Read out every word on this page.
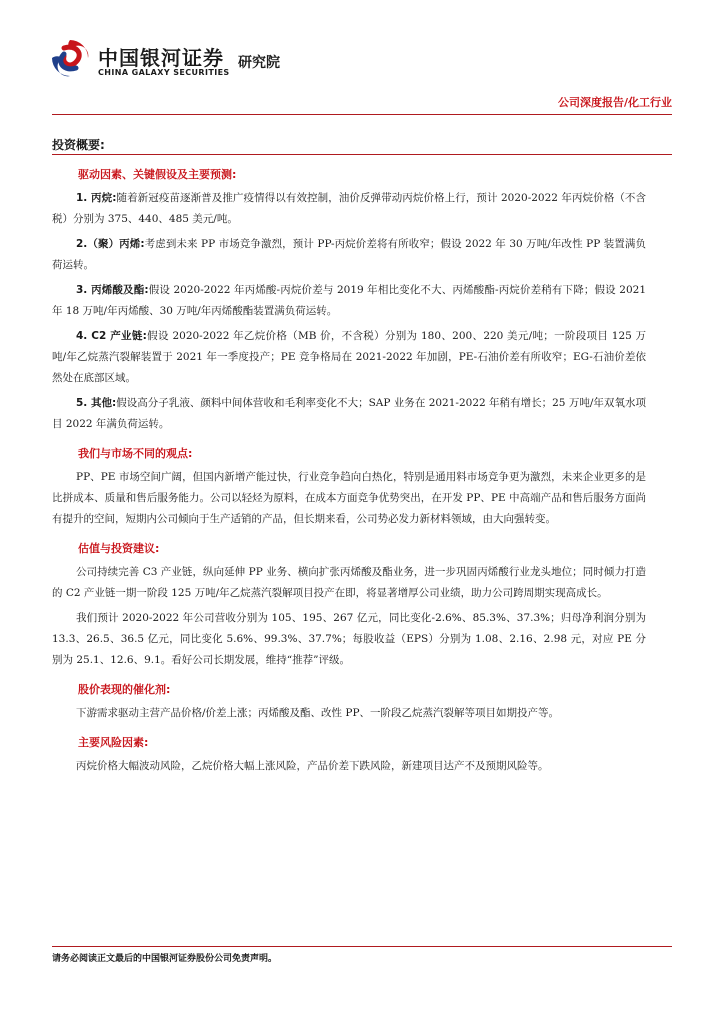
中国银河证券 研究院
CHINA GALAXY SECURITIES
公司深度报告/化工行业
投资概要:
驱动因素、关键假设及主要预测:

1. 丙烷:随着新冠疫苗逐渐普及推广疫情得以有效控制，油价反弹带动丙烷价格上行，预计 2020-2022 年丙烷价格（不含税）分别为 375、440、485 美元/吨。

2.（聚）丙烯:考虑到未来 PP 市场竞争激烈，预计 PP-丙烷价差将有所收窄；假设 2022 年 30 万吨/年改性 PP 装置满负荷运转。

3. 丙烯酸及酯:假设 2020-2022 年丙烯酸-丙烷价差与 2019 年相比变化不大、丙烯酸酯-丙烷价差稍有下降；假设 2021 年 18 万吨/年丙烯酸、30 万吨/年丙烯酸酯装置满负荷运转。

4. C2 产业链:假设 2020-2022 年乙烷价格（MB 价，不含税）分别为 180、200、220 美元/吨；一阶段项目 125 万吨/年乙烷蒸汽裂解装置于 2021 年一季度投产；PE 竞争格局在 2021-2022 年加剧，PE-石油价差有所收窄；EG-石油价差依然处在底部区域。

5. 其他:假设高分子乳液、颜料中间体营收和毛利率变化不大；SAP 业务在 2021-2022 年稍有增长；25 万吨/年双氧水项目 2022 年满负荷运转。

我们与市场不同的观点:

PP、PE 市场空间广阔，但国内新增产能过快，行业竞争趋向白热化，特别是通用料市场竞争更为激烈，未来企业更多的是比拼成本、质量和售后服务能力。公司以轻烃为原料，在成本方面竞争优势突出，在开发 PP、PE 中高端产品和售后服务方面尚有提升的空间，短期内公司倾向于生产适销的产品，但长期来看，公司势必发力新材料领域，由大向强转变。

估值与投资建议:

公司持续完善 C3 产业链，纵向延伸 PP 业务、横向扩张丙烯酸及酯业务，进一步巩固丙烯酸行业龙头地位；同时倾力打造的 C2 产业链一期一阶段 125 万吨/年乙烷蒸汽裂解项目投产在即，将显著增厚公司业绩，助力公司跨周期实现高成长。

我们预计 2020-2022 年公司营收分别为 105、195、267 亿元，同比变化-2.6%、85.3%、37.3%；归母净利润分别为 13.3、26.5、36.5 亿元，同比变化 5.6%、99.3%、37.7%；每股收益（EPS）分别为 1.08、2.16、2.98 元，对应 PE 分别为 25.1、12.6、9.1。看好公司长期发展，维持“推荐”评级。

股价表现的催化剂:

下游需求驱动主营产品价格/价差上涨；丙烯酸及酯、改性 PP、一阶段乙烷蒸汽裂解等项目如期投产等。

主要风险因素:

丙烷价格大幅波动风险，乙烷价格大幅上涨风险，产品价差下跌风险，新建项目达产不及预期风险等。

请务必阅读正文最后的中国银河证券股份公司免责声明。
